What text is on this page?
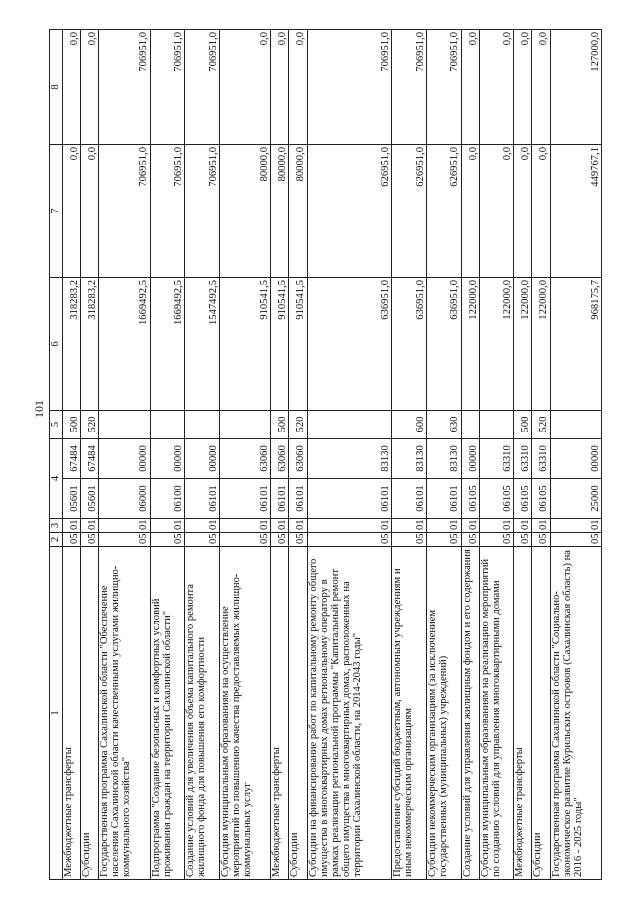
101
1	2	3	4		5	6	7	8
Межбюджетные трансферты	05	01	05601	67484	500	318283,2	0,0	0,0
Субсидии	05	01	05601	67484	520	318283,2	0,0	0,0
Государственная программа Сахалинской области "Обеспечение населения Сахалинской области качественными услугами жилищно-коммунального хозяйства"	05	01	06000	00000		1669492,5	706951,0	706951,0
Подпрограмма "Создание безопасных и комфортных условий проживания граждан на территории Сахалинской области"	05	01	06100	00000		1669492,5	706951,0	706951,0
Создание условий для увеличения объема капитального ремонта жилищного фонда для повышения его комфортности	05	01	06101	00000		1547492,5	706951,0	706951,0
Субсидия муниципальным образованиям на осуществление мероприятий по повышению качества предоставляемых жилищно-коммунальных услуг	05	01	06101	63060		910541,5	80000,0	0,0
Межбюджетные трансферты	05	01	06101	63060	500	910541,5	80000,0	0,0
Субсидии	05	01	06101	63060	520	910541,5	80000,0	0,0
Субсидии на финансирование работ по капитальному ремонту общего имущества в многоквартирных домах региональному оператору в рамках реализации региональной программы "Капитальный ремонт общего имущества в многоквартирных домах, расположенных на территории Сахалинской области, на 2014-2043 годы"	05	01	06101	83130		636951,0	626951,0	706951,0
Предоставление субсидий бюджетным, автономным учреждениям и иным некоммерческим организациям	05	01	06101	83130	600	636951,0	626951,0	706951,0
Субсидии некоммерческим организациям (за исключением государственных (муниципальных) учреждений)	05	01	06101	83130	630	636951,0	626951,0	706951,0
Создание условий для управления жилищным фондом и его содержания	05	01	06105	00000		122000,0	0,0	0,0
Субсидия муниципальным образованиям на реализацию мероприятий по созданию условий для управления многоквартирными домами	05	01	06105	63310		122000,0	0,0	0,0
Межбюджетные трансферты	05	01	06105	63310	500	122000,0	0,0	0,0
Субсидии	05	01	06105	63310	520	122000,0	0,0	0,0
Государственная программа Сахалинской области "Социально-экономическое развитие Курильских островов (Сахалинская область) на 2016 - 2025 годы"	05	01	25000	00000		968175,7	449767,1	127000,0
